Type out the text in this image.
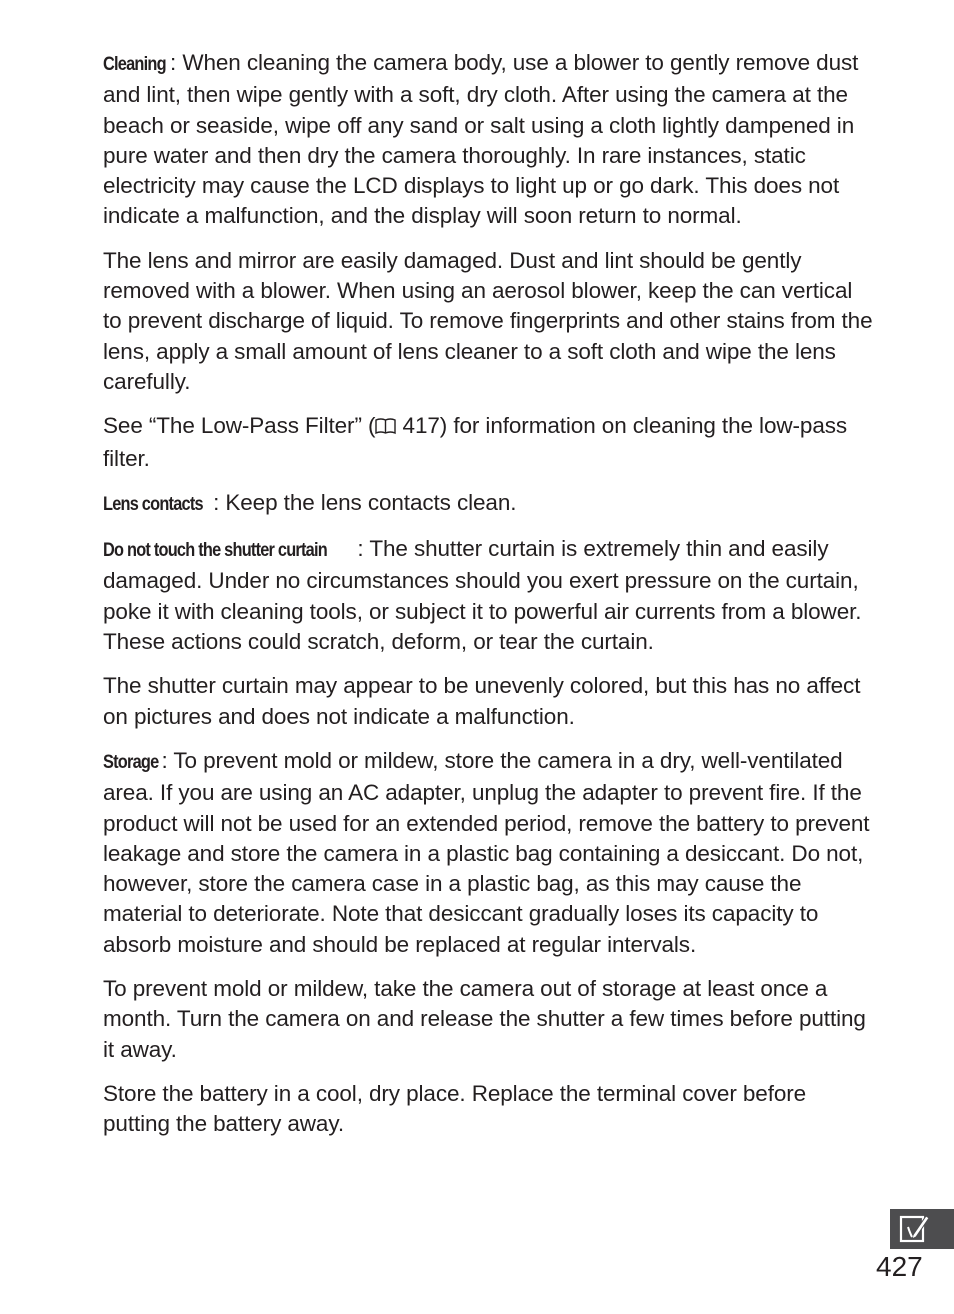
Cleaning : When cleaning the camera body, use a blower to gently remove dust and lint, then wipe gently with a soft, dry cloth. After using the camera at the beach or seaside, wipe off any sand or salt using a cloth lightly dampened in pure water and then dry the camera thoroughly. In rare instances, static electricity may cause the LCD displays to light up or go dark. This does not indicate a malfunction, and the display will soon return to normal.

The lens and mirror are easily damaged. Dust and lint should be gently removed with a blower. When using an aerosol blower, keep the can vertical to prevent discharge of liquid. To remove fingerprints and other stains from the lens, apply a small amount of lens cleaner to a soft cloth and wipe the lens carefully.

See “The Low-Pass Filter” ( 417) for information on cleaning the low-pass filter.

Lens contacts : Keep the lens contacts clean.

Do not touch the shutter curtain : The shutter curtain is extremely thin and easily damaged. Under no circumstances should you exert pressure on the curtain, poke it with cleaning tools, or subject it to powerful air currents from a blower. These actions could scratch, deform, or tear the curtain.

The shutter curtain may appear to be unevenly colored, but this has no affect on pictures and does not indicate a malfunction.

Storage : To prevent mold or mildew, store the camera in a dry, well-ventilated area. If you are using an AC adapter, unplug the adapter to prevent fire. If the product will not be used for an extended period, remove the battery to prevent leakage and store the camera in a plastic bag containing a desiccant. Do not, however, store the camera case in a plastic bag, as this may cause the material to deteriorate. Note that desiccant gradually loses its capacity to absorb moisture and should be replaced at regular intervals.

To prevent mold or mildew, take the camera out of storage at least once a month. Turn the camera on and release the shutter a few times before putting it away.

Store the battery in a cool, dry place. Replace the terminal cover before putting the battery away.

427
